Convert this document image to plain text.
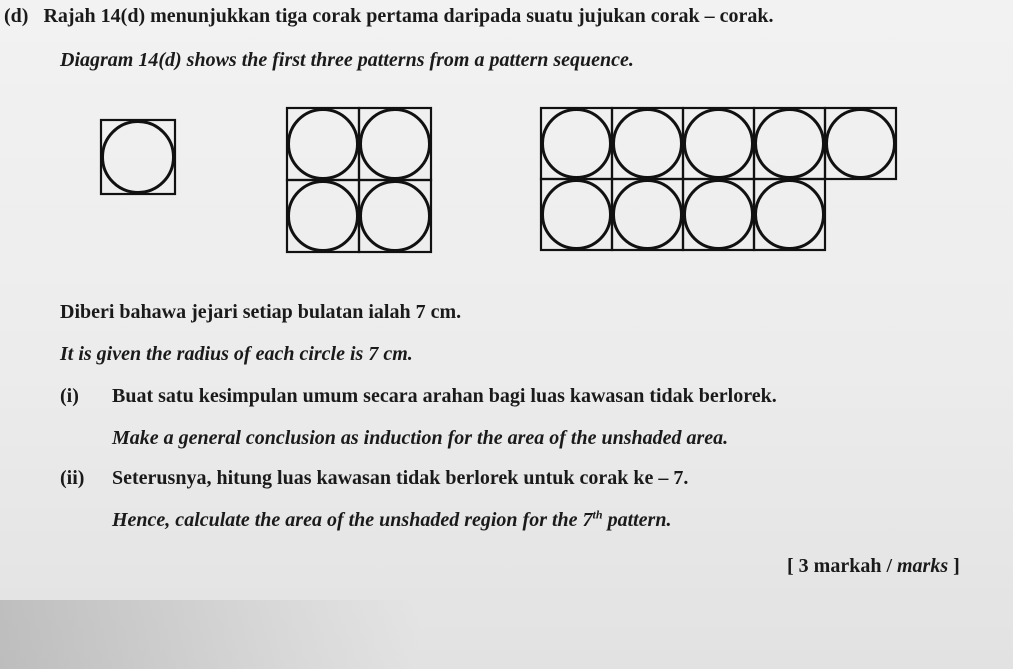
(d) Rajah 14(d) menunjukkan tiga corak pertama daripada suatu jujukan corak – corak.
Diagram 14(d) shows the first three patterns from a pattern sequence.
Diberi bahawa jejari setiap bulatan ialah 7 cm.
It is given the radius of each circle is 7 cm.
(i) Buat satu kesimpulan umum secara arahan bagi luas kawasan tidak berlorek.
Make a general conclusion as induction for the area of the unshaded area.
(ii) Seterusnya, hitung luas kawasan tidak berlorek untuk corak ke – 7.
Hence, calculate the area of the unshaded region for the 7th pattern.
[ 3 markah / marks ]
